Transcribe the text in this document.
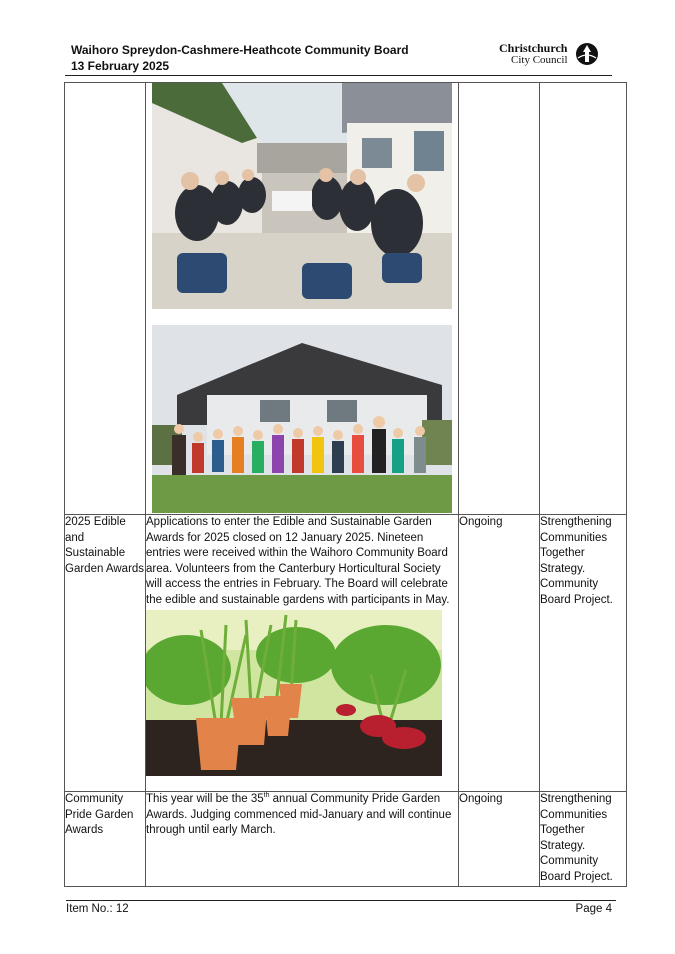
Waihoro Spreydon-Cashmere-Heathcote Community Board
13 February 2025
Christchurch
City Council

2025 Edible and Sustainable Garden Awards	Applications to enter the Edible and Sustainable Garden Awards for 2025 closed on 12 January 2025. Nineteen entries were received within the Waihoro Community Board area. Volunteers from the Canterbury Horticultural Society will access the entries in February. The Board will celebrate the edible and sustainable gardens with participants in May.	Ongoing	Strengthening Communities Together Strategy. Community Board Project.
Community Pride Garden Awards	This year will be the 35th annual Community Pride Garden Awards. Judging commenced mid-January and will continue through until early March.	Ongoing	Strengthening Communities Together Strategy. Community Board Project.
Item No.: 12	Page 4
